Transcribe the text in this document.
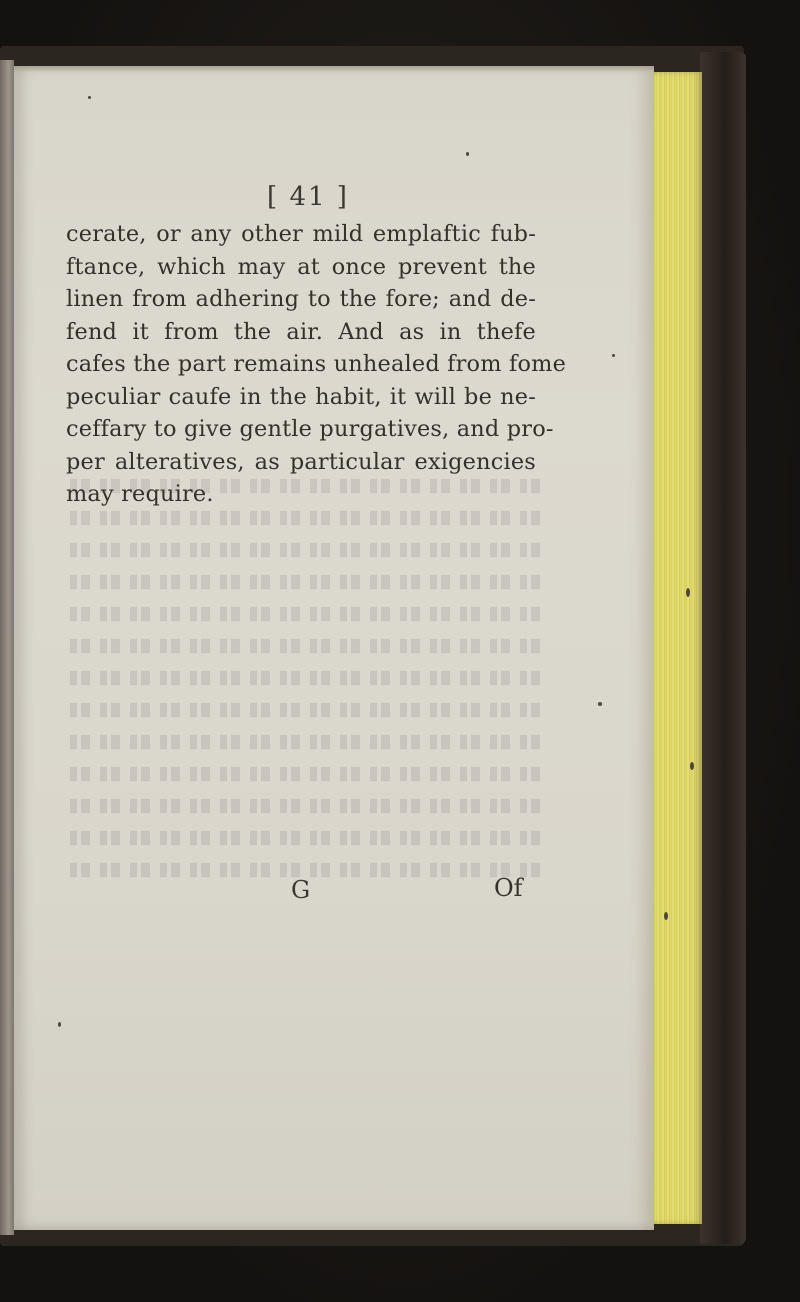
[ 41 ]
cerate, or any other mild emplaftic fub-
ftance, which may at once prevent the
linen from adhering to the fore; and de-
fend it from the air. And as in thefe
cafes the part remains unhealed from fome
peculiar caufe in the habit, it will be ne-
ceffary to give gentle purgatives, and pro-
per alteratives, as particular exigencies
may require.
G	Of
